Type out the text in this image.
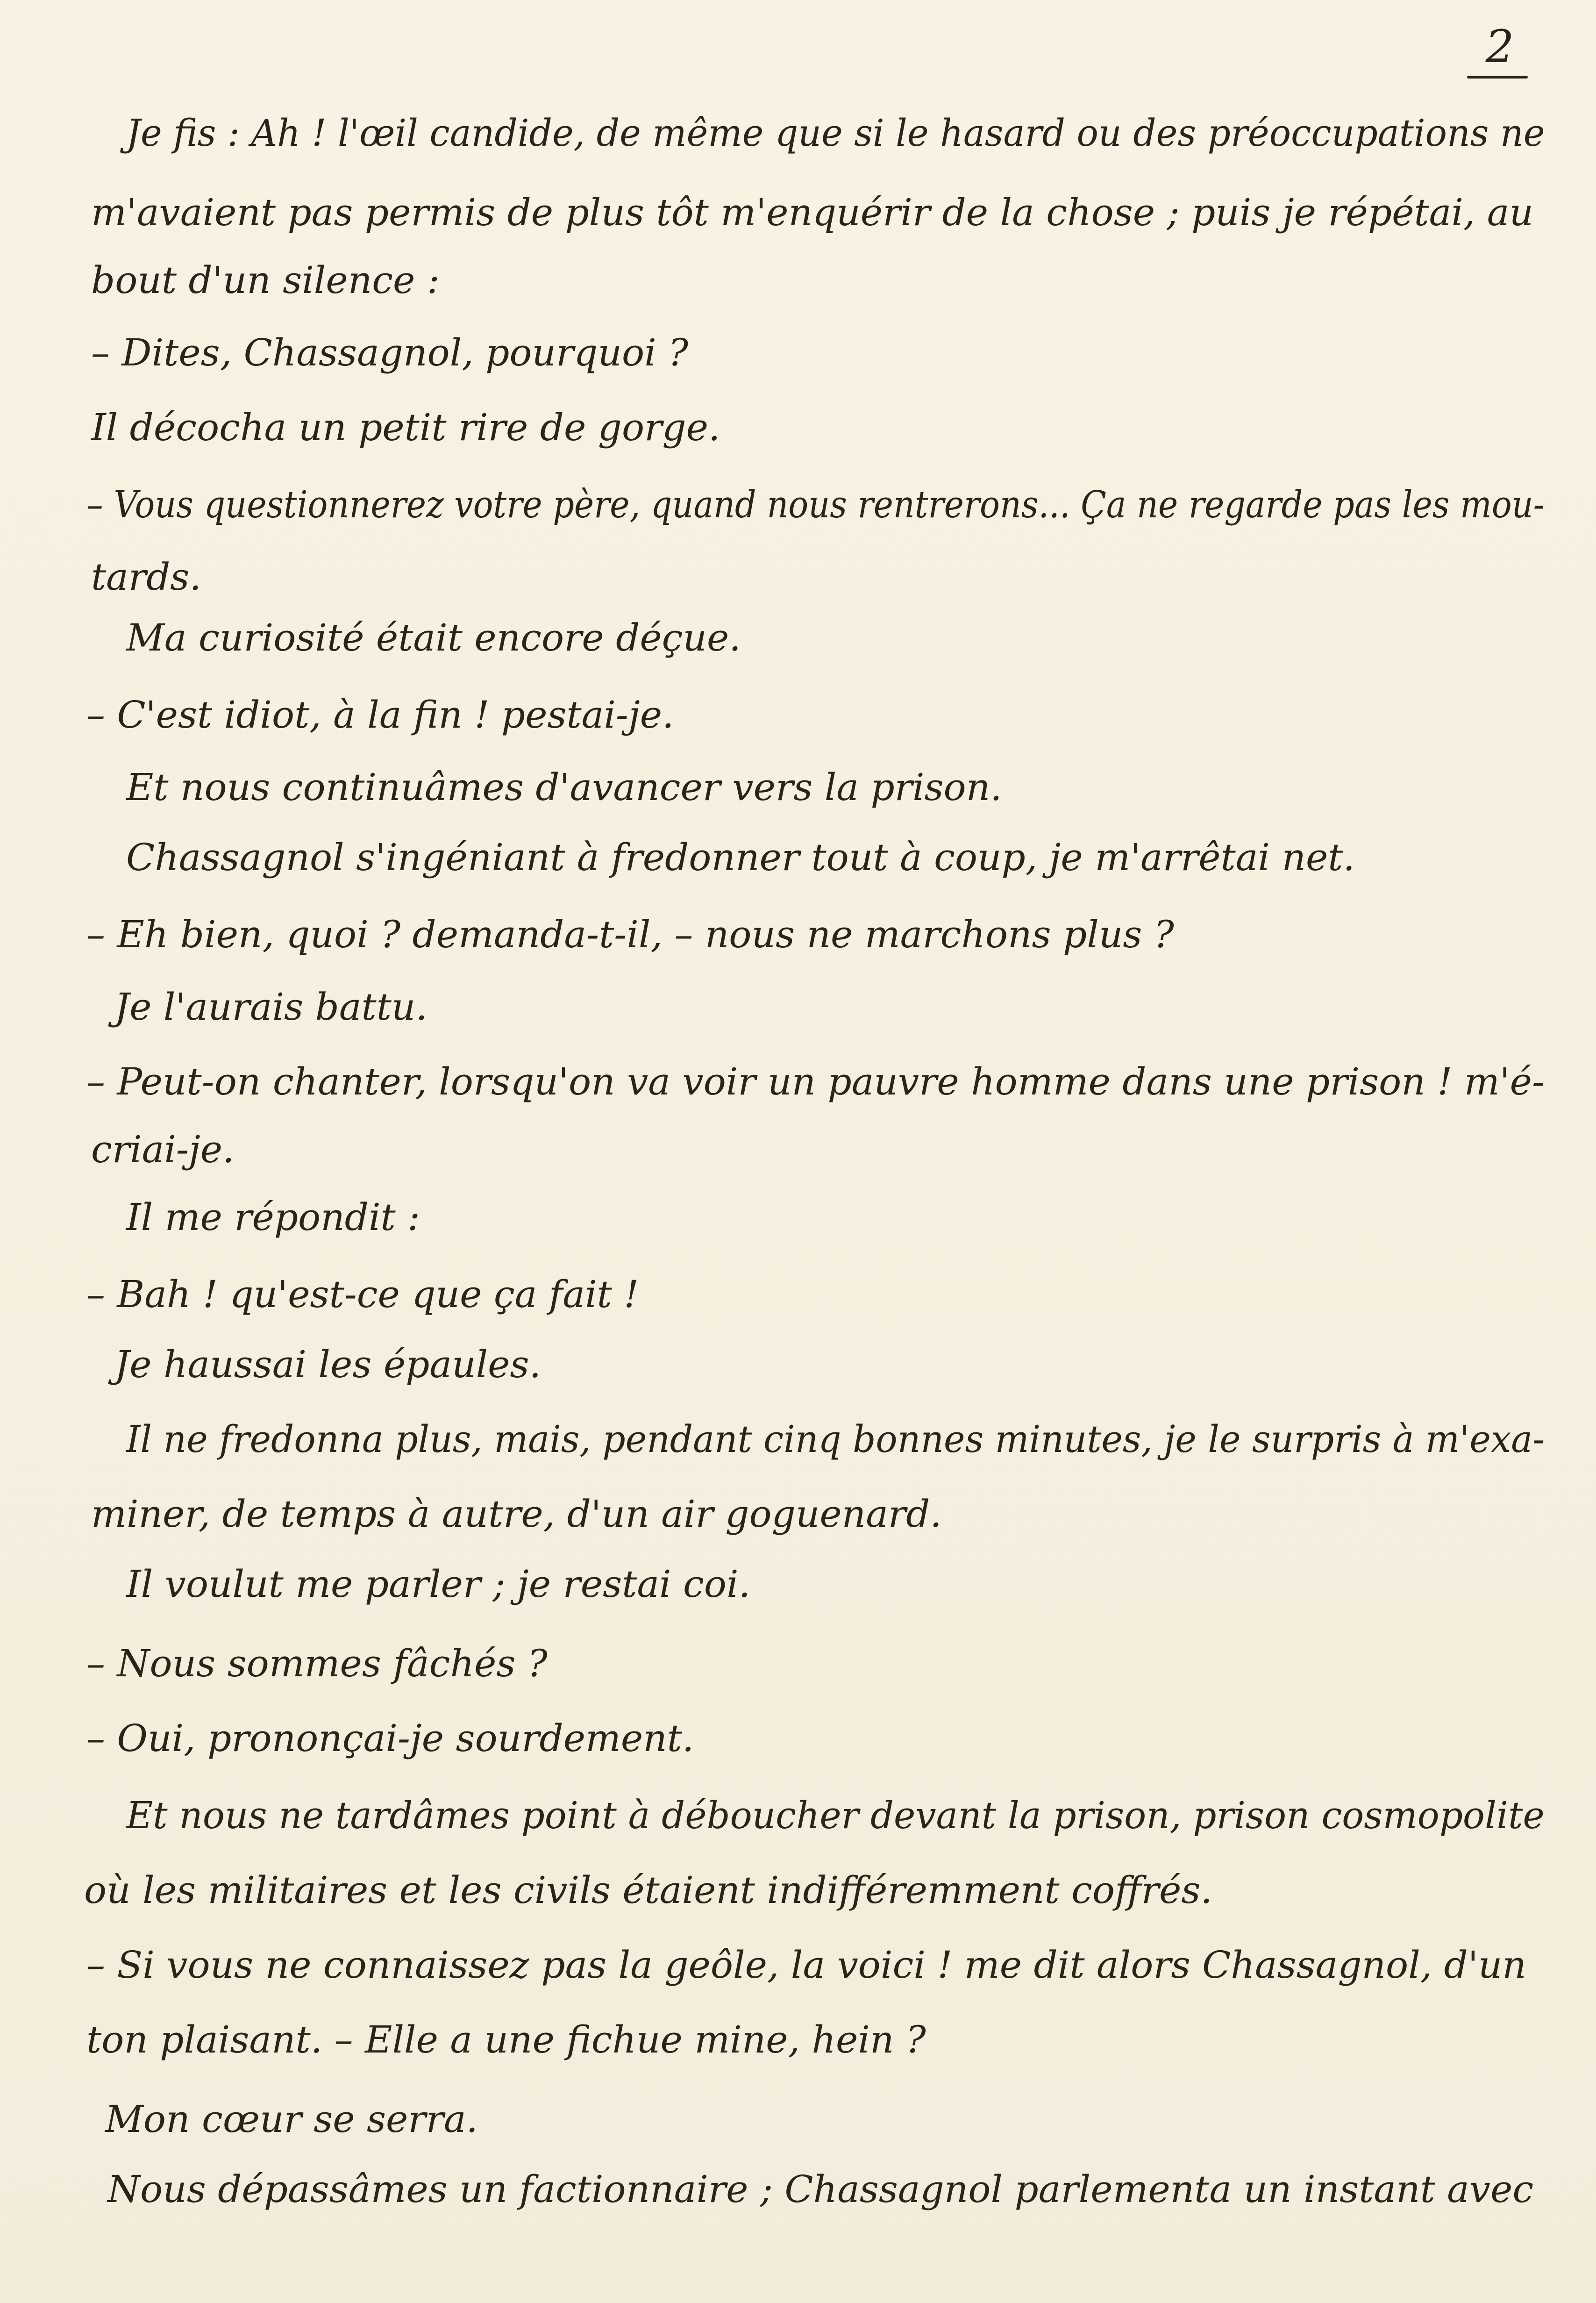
2
Je fis : Ah ! l'œil candide, de même que si le hasard ou des préoccupations ne
m'avaient pas permis de plus tôt m'enquérir de la chose ; puis je répétai, au
bout d'un silence :
– Dites, Chassagnol, pourquoi ?
Il décocha un petit rire de gorge.
– Vous questionnerez votre père, quand nous rentrerons... Ça ne regarde pas les mou-
tards.
Ma curiosité était encore déçue.
– C'est idiot, à la fin ! pestai-je.
Et nous continuâmes d'avancer vers la prison.
Chassagnol s'ingéniant à fredonner tout à coup, je m'arrêtai net.
– Eh bien, quoi ? demanda-t-il, – nous ne marchons plus ?
Je l'aurais battu.
– Peut-on chanter, lorsqu'on va voir un pauvre homme dans une prison ! m'é-
criai-je.
Il me répondit :
– Bah ! qu'est-ce que ça fait !
Je haussai les épaules.
Il ne fredonna plus, mais, pendant cinq bonnes minutes, je le surpris à m'exa-
miner, de temps à autre, d'un air goguenard.
Il voulut me parler ; je restai coi.
– Nous sommes fâchés ?
– Oui, prononçai-je sourdement.
Et nous ne tardâmes point à déboucher devant la prison, prison cosmopolite
où les militaires et les civils étaient indifféremment coffrés.
– Si vous ne connaissez pas la geôle, la voici ! me dit alors Chassagnol, d'un
ton plaisant. – Elle a une fichue mine, hein ?
Mon cœur se serra.
Nous dépassâmes un factionnaire ; Chassagnol parlementa un instant avec
